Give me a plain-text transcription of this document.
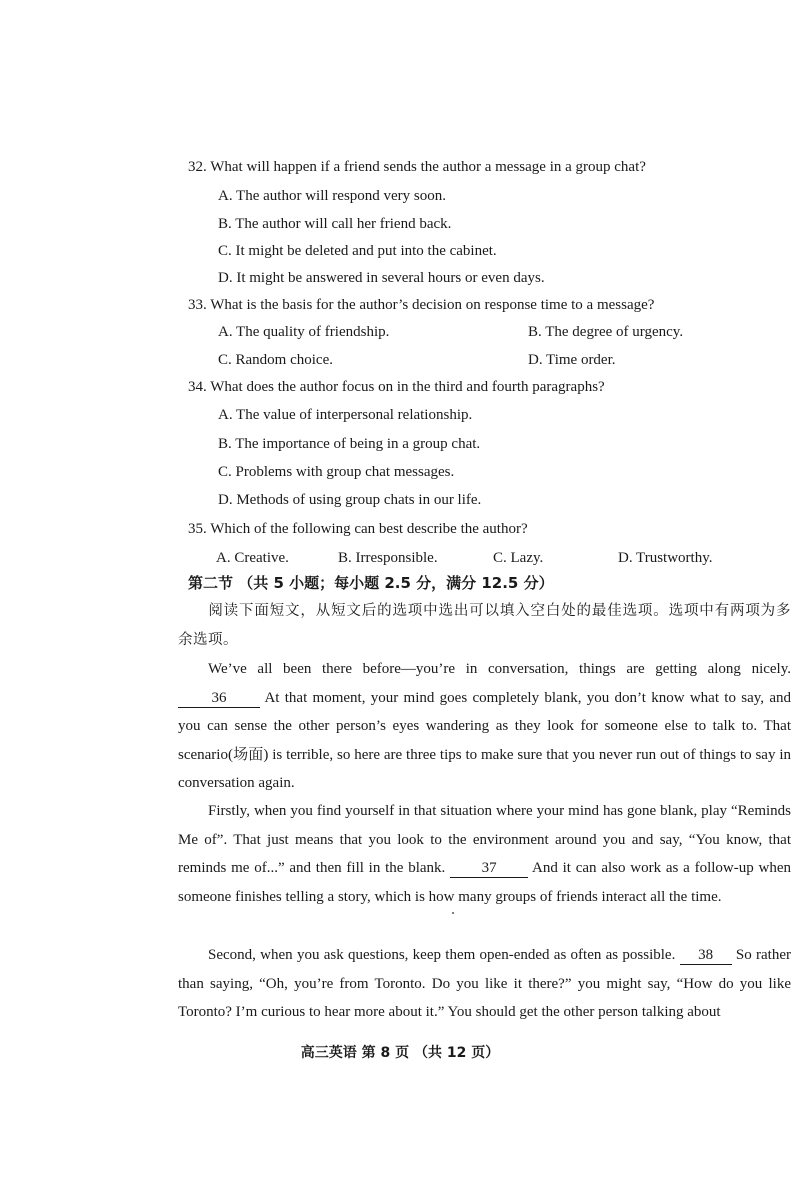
32. What will happen if a friend sends the author a message in a group chat?
A. The author will respond very soon.
B. The author will call her friend back.
C. It might be deleted and put into the cabinet.
D. It might be answered in several hours or even days.
33. What is the basis for the author’s decision on response time to a message?
A. The quality of friendship.	B. The degree of urgency.
C. Random choice.	D. Time order.
34. What does the author focus on in the third and fourth paragraphs?
A. The value of interpersonal relationship.
B. The importance of being in a group chat.
C. Problems with group chat messages.
D. Methods of using group chats in our life.
35. Which of the following can best describe the author?
A. Creative.	B. Irresponsible.	C. Lazy.	D. Trustworthy.
第二节 （共 5 小题；每小题 2.5 分，满分 12.5 分）
阅读下面短文，从短文后的选项中选出可以填入空白处的最佳选项。选项中有两项为多余选项。
We’ve all been there before—you’re in conversation, things are getting along nicely. 36	At that moment, your mind goes completely blank, you don’t know what to say, and you can sense the other person’s eyes wandering as they look for someone else to talk to. That scenario(场面) is terrible, so here are three tips to make sure that you never run out of things to say in conversation again.
Firstly, when you find yourself in that situation where your mind has gone blank, play “Reminds Me of”. That just means that you look to the environment around you and say, “You know, that reminds me of...” and then fill in the blank. 37 And it can also work as a follow-up when someone finishes telling a story, which is how many groups of friends interact all the time.
Second, when you ask questions, keep them open-ended as often as possible. 38 So rather than saying, “Oh, you’re from Toronto. Do you like it there?” you might say, “How do you like Toronto? I’m curious to hear more about it.” You should get the other person talking about
高三英语 第 8 页 （共 12 页）
